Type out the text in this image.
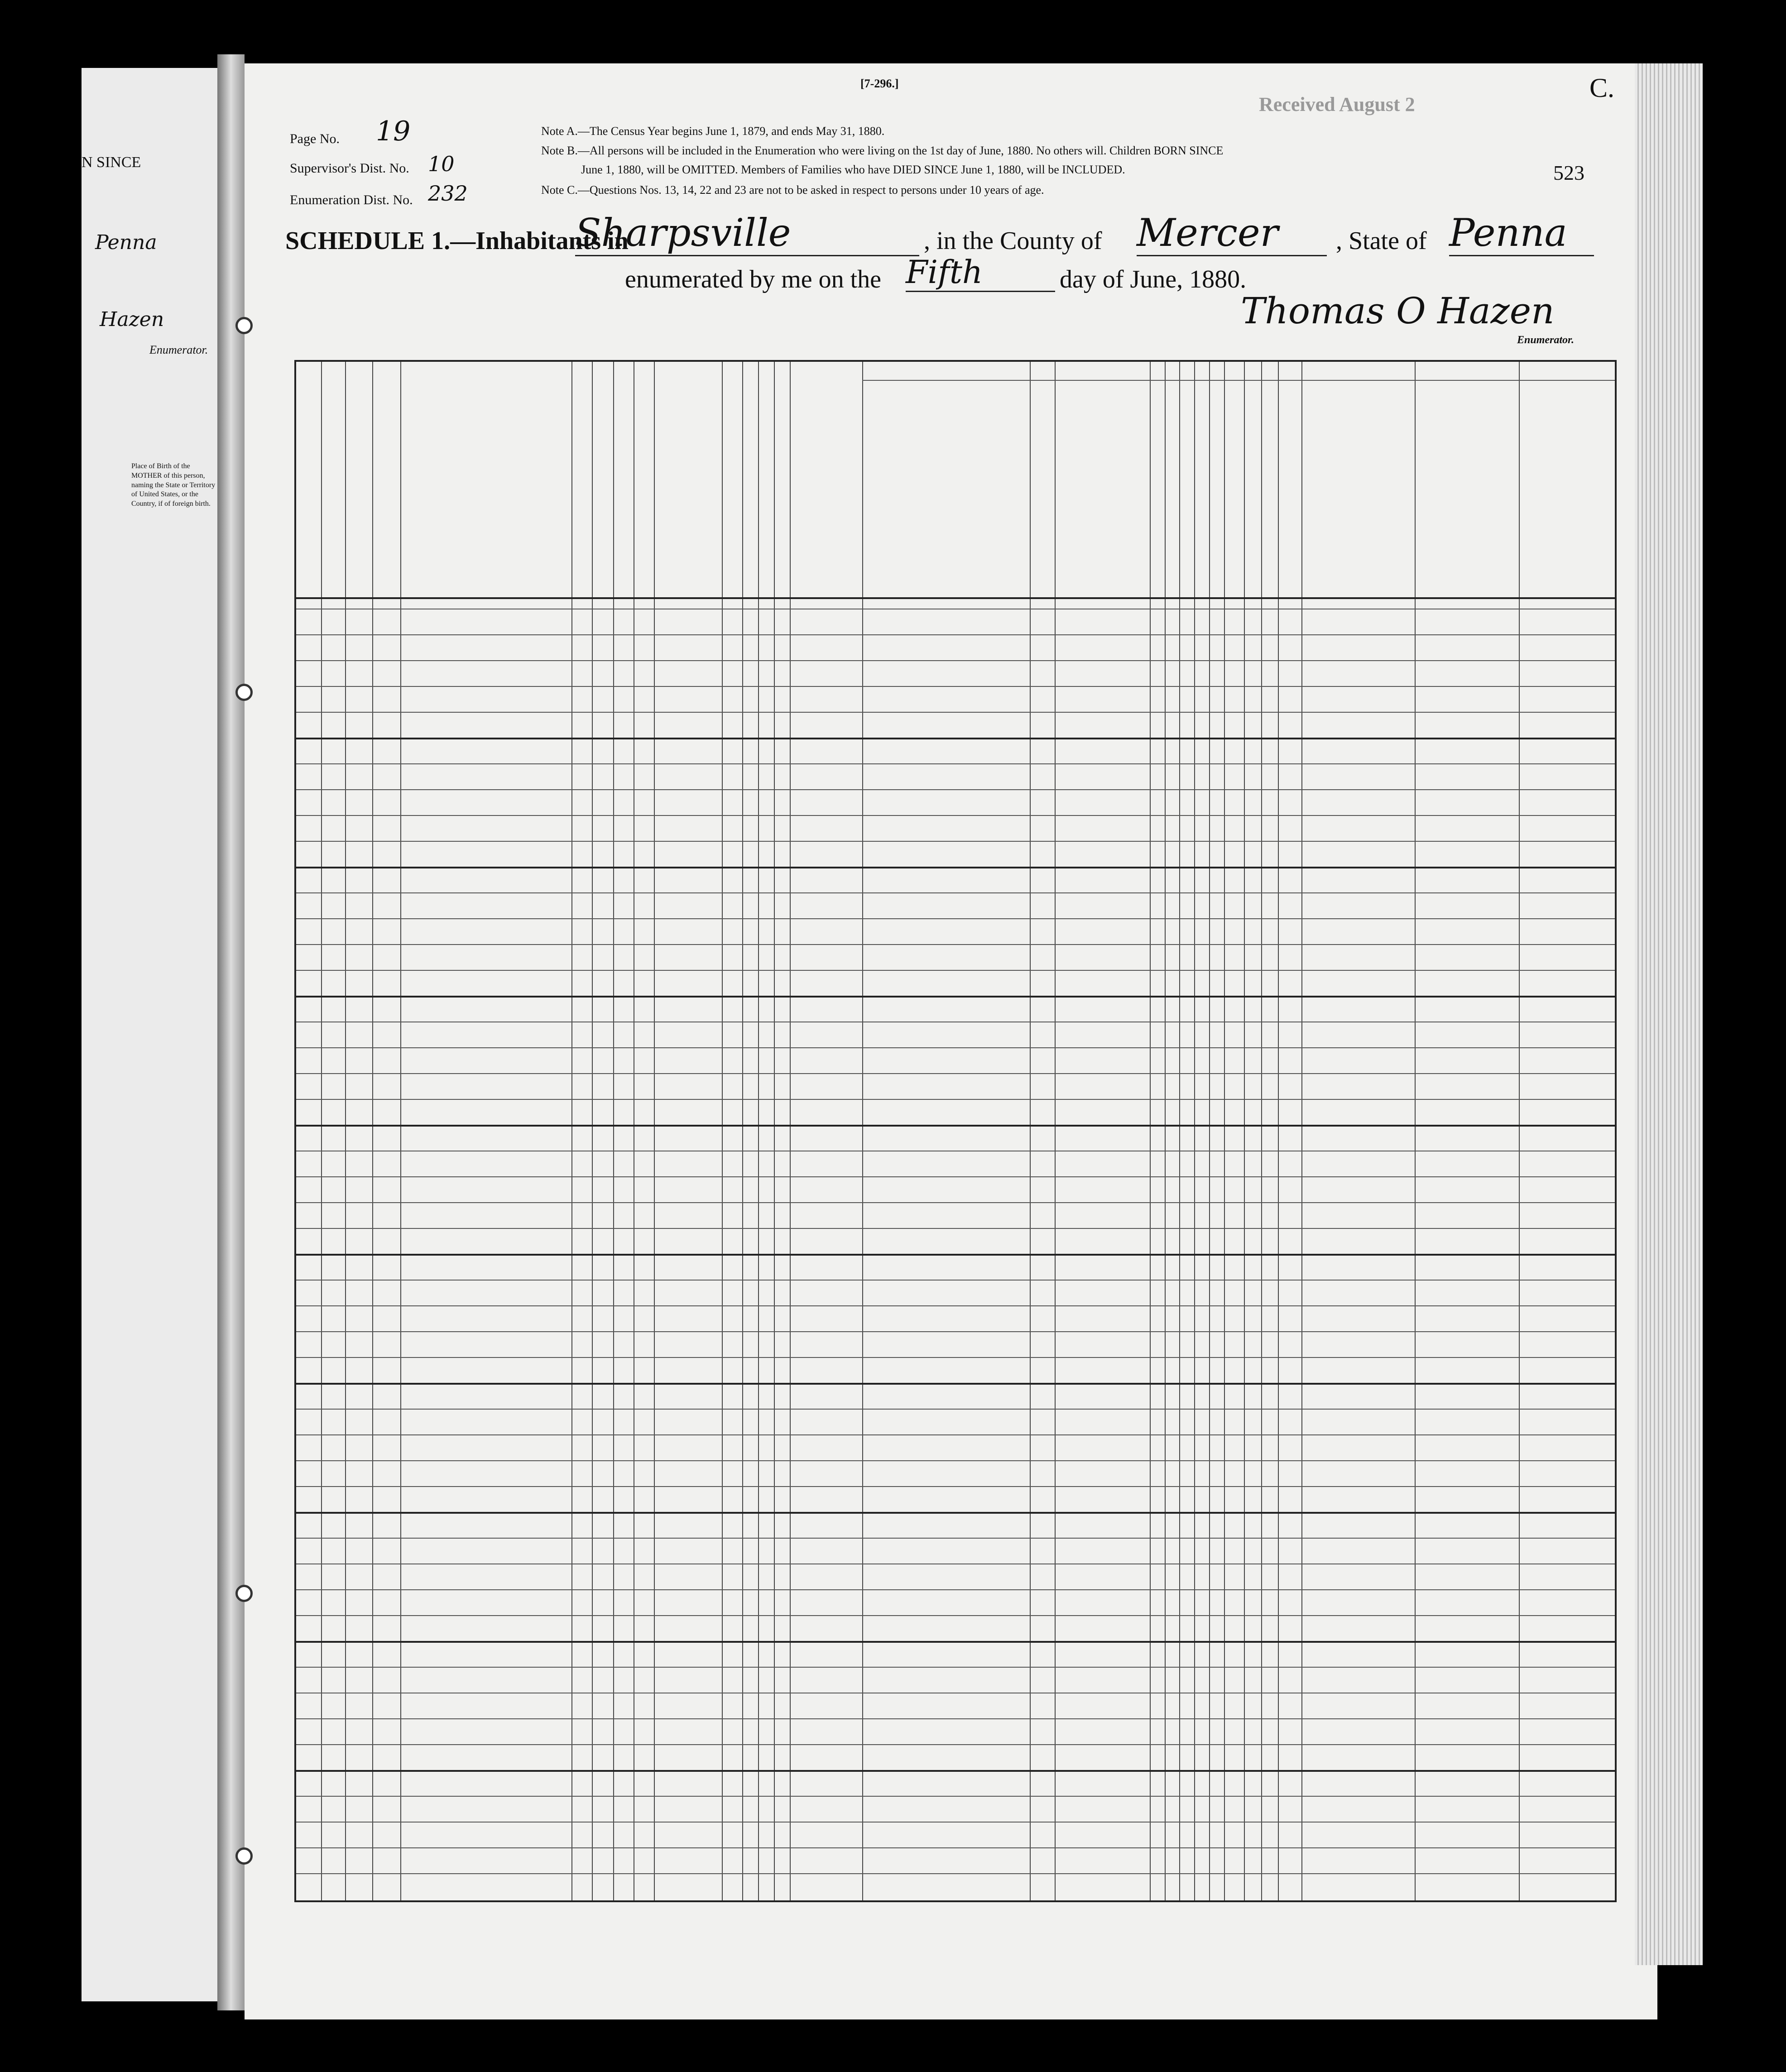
N SINCE
Penna
Hazen
Enumerator.
Place of Birth of the MOTHER of this person, naming the State or Territory of United States, or the Country, if of foreign birth.
[7-296.]
Received August 2
C.
523
Page No. 19
Supervisor's Dist. No. 10
Enumeration Dist. No. 232
Note A.—The Census Year begins June 1, 1879, and ends May 31, 1880.
Note B.—All persons will be included in the Enumeration who were living on the 1st day of June, 1880. No others will. Children BORN SINCE
June 1, 1880, will be OMITTED. Members of Families who have DIED SINCE June 1, 1880, will be INCLUDED.
Note C.—Questions Nos. 13, 14, 22 and 23 are not to be asked in respect to persons under 10 years of age.
SCHEDULE 1.—Inhabitants in
Sharpsville	, in the County of Mercer	, State of Penna
enumerated by me on the Fifth	day of June, 1880.
Thomas O Hazen
Enumerator.
